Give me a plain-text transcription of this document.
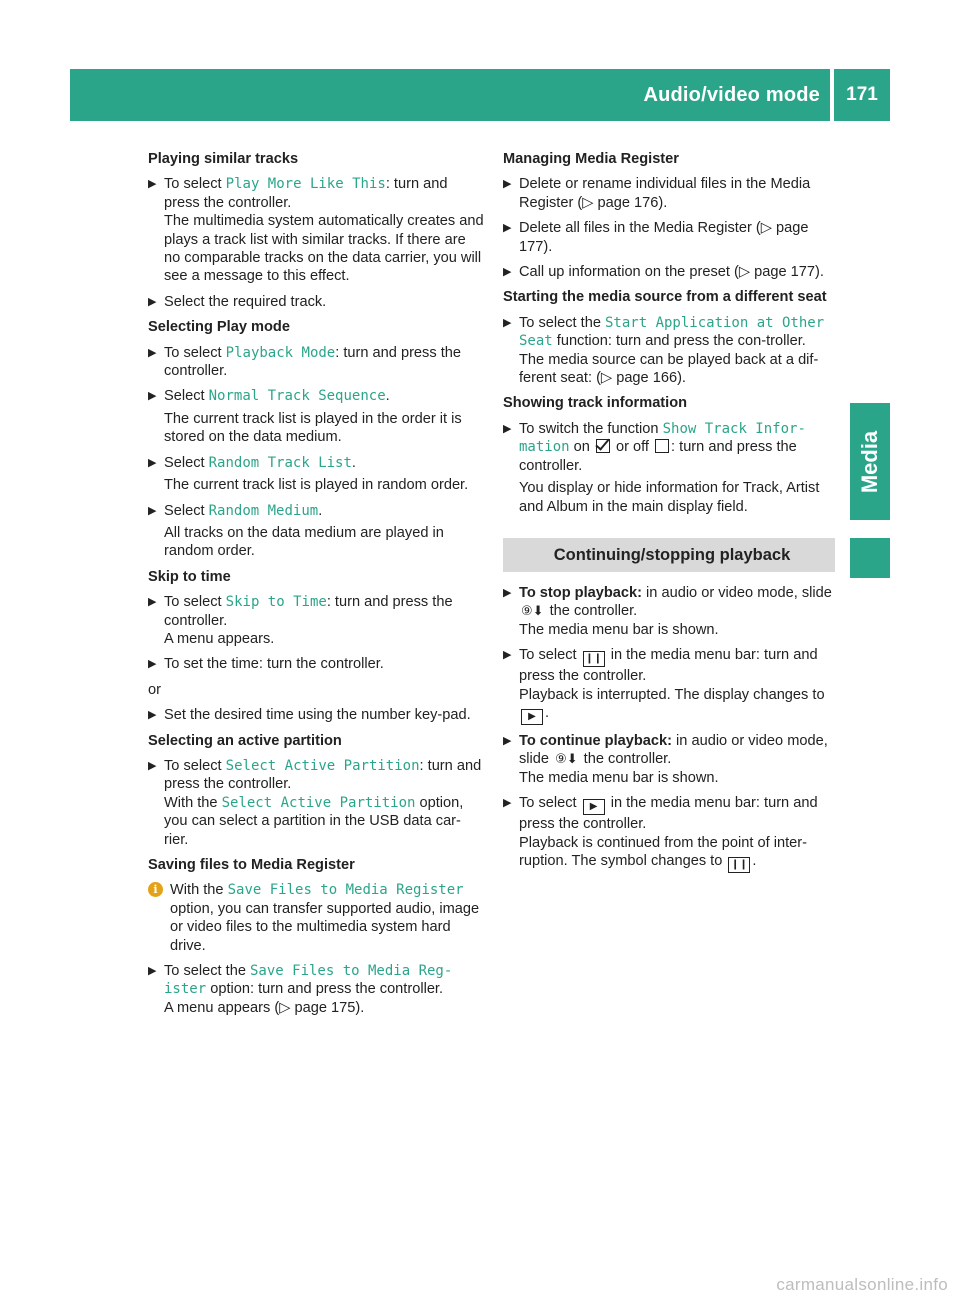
Audio/video mode	171
Media
Playing similar tracks
▶ To select Play More Like This: turn and press the controller.

The multimedia system automatically creates and plays a track list with similar tracks. If there are no comparable tracks on the data carrier, you will see a message to this effect.

▶ Select the required track.

Selecting Play mode
▶ To select Playback Mode: turn and press the controller.

▶ Select Normal Track Sequence.

The current track list is played in the order it is stored on the data medium.

▶ Select Random Track List.

The current track list is played in random order.

▶ Select Random Medium.

All tracks on the data medium are played in random order.

Skip to time
▶ To select Skip to Time: turn and press the controller.

A menu appears.

▶ To set the time: turn the controller.

or

▶ Set the desired time using the number key-pad.

Selecting an active partition
▶ To select Select Active Partition: turn and press the controller.

With the Select Active Partition option, you can select a partition in the USB data car-rier.

Saving files to Media Register
i With the Save Files to Media Register option, you can transfer supported audio, image or video files to the multimedia system hard drive.

▶ To select the Save Files to Media Reg-ister option: turn and press the controller.

A menu appears (▷ page 175).

Managing Media Register
▶ Delete or rename individual files in the Media Register (▷ page 176).

▶ Delete all files in the Media Register (▷ page 177).

▶ Call up information on the preset (▷ page 177).

Starting the media source from a different seat
▶ To select the Start Application at Other Seat function: turn and press the con-troller.

The media source can be played back at a dif-ferent seat: (▷ page 166).

Showing track information
▶ To switch the function Show Track Infor-mation on  or off : turn and press the controller.

You display or hide information for Track, Artist and Album in the main display field.

Continuing/stopping playback
▶ To stop playback: in audio or video mode, slide ⑨⬇ the controller.

The media menu bar is shown.

▶ To select ❙❙ in the media menu bar: turn and press the controller.

Playback is interrupted. The display changes to ▶ .

▶ To continue playback: in audio or video mode, slide ⑨⬇ the controller.

The media menu bar is shown.

▶ To select ▶ in the media menu bar: turn and press the controller.

Playback is continued from the point of inter-ruption. The symbol changes to ❙❙ .

carmanualsonline.info
